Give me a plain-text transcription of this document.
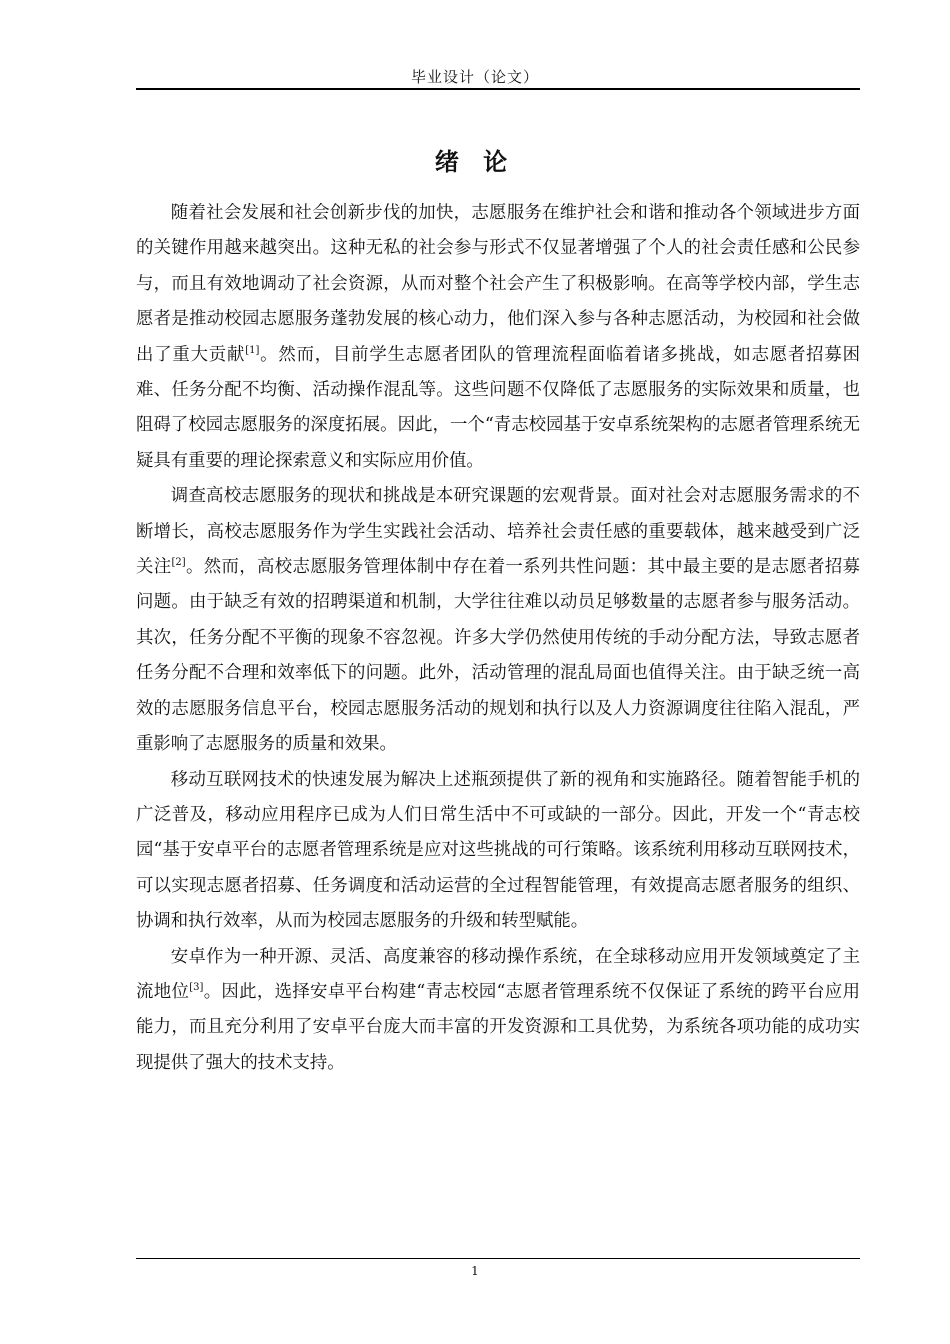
毕业设计（论文）
绪 论

随着社会发展和社会创新步伐的加快，志愿服务在维护社会和谐和推动各个领域进步方面的关键作用越来越突出。这种无私的社会参与形式不仅显著增强了个人的社会责任感和公民参与，而且有效地调动了社会资源，从而对整个社会产生了积极影响。在高等学校内部，学生志愿者是推动校园志愿服务蓬勃发展的核心动力，他们深入参与各种志愿活动，为校园和社会做出了重大贡献[1]。然而，目前学生志愿者团队的管理流程面临着诸多挑战，如志愿者招募困难、任务分配不均衡、活动操作混乱等。这些问题不仅降低了志愿服务的实际效果和质量，也阻碍了校园志愿服务的深度拓展。因此，一个“青志校园基于安卓系统架构的志愿者管理系统无疑具有重要的理论探索意义和实际应用价值。

调查高校志愿服务的现状和挑战是本研究课题的宏观背景。面对社会对志愿服务需求的不断增长，高校志愿服务作为学生实践社会活动、培养社会责任感的重要载体，越来越受到广泛关注[2]。然而，高校志愿服务管理体制中存在着一系列共性问题：其中最主要的是志愿者招募问题。由于缺乏有效的招聘渠道和机制，大学往往难以动员足够数量的志愿者参与服务活动。其次，任务分配不平衡的现象不容忽视。许多大学仍然使用传统的手动分配方法，导致志愿者任务分配不合理和效率低下的问题。此外，活动管理的混乱局面也值得关注。由于缺乏统一高效的志愿服务信息平台，校园志愿服务活动的规划和执行以及人力资源调度往往陷入混乱，严重影响了志愿服务的质量和效果。

移动互联网技术的快速发展为解决上述瓶颈提供了新的视角和实施路径。随着智能手机的广泛普及，移动应用程序已成为人们日常生活中不可或缺的一部分。因此，开发一个“青志校园“基于安卓平台的志愿者管理系统是应对这些挑战的可行策略。该系统利用移动互联网技术，可以实现志愿者招募、任务调度和活动运营的全过程智能管理，有效提高志愿者服务的组织、协调和执行效率，从而为校园志愿服务的升级和转型赋能。

安卓作为一种开源、灵活、高度兼容的移动操作系统，在全球移动应用开发领域奠定了主流地位[3]。因此，选择安卓平台构建“青志校园“志愿者管理系统不仅保证了系统的跨平台应用能力，而且充分利用了安卓平台庞大而丰富的开发资源和工具优势，为系统各项功能的成功实现提供了强大的技术支持。

1
